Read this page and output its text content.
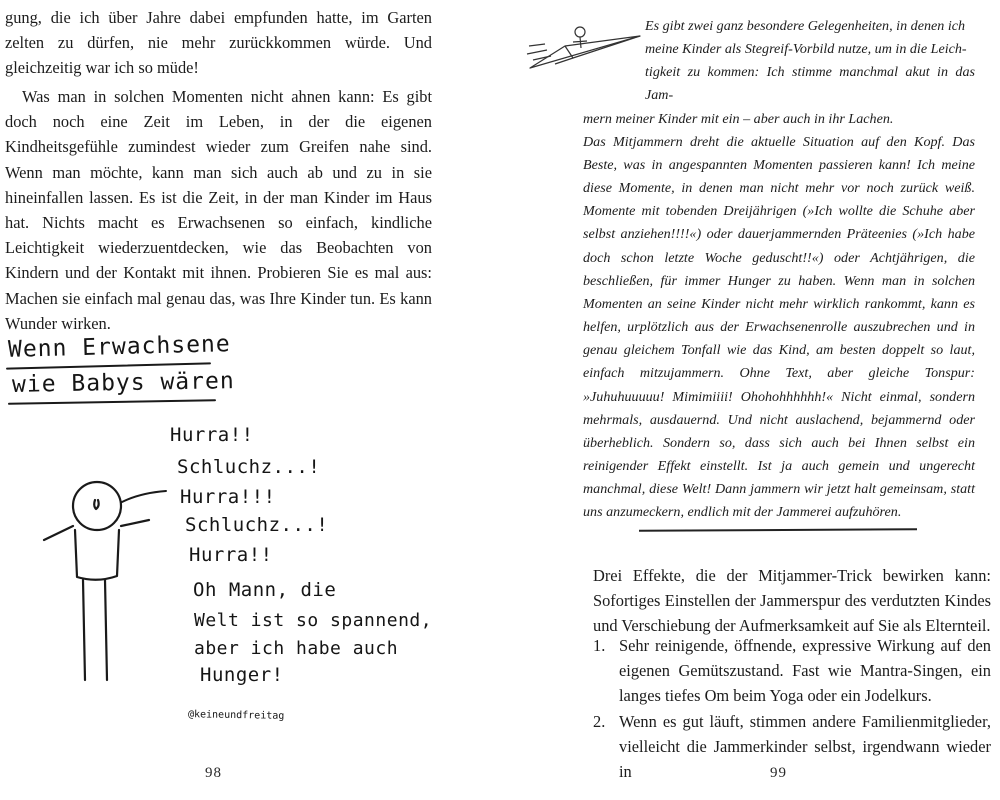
gung, die ich über Jahre dabei empfunden hatte, im Garten zelten zu dürfen, nie mehr zurückkommen würde. Und gleichzeitig war ich so müde!

Was man in solchen Momenten nicht ahnen kann: Es gibt doch noch eine Zeit im Leben, in der die eigenen Kindheitsgefühle zumindest wieder zum Greifen nahe sind. Wenn man möchte, kann man sich auch ab und zu in sie hineinfallen lassen. Es ist die Zeit, in der man Kinder im Haus hat. Nichts macht es Erwachsenen so einfach, kindliche Leichtigkeit wiederzuentdecken, wie das Beobachten von Kindern und der Kontakt mit ihnen. Probieren Sie es mal aus: Machen sie einfach mal genau das, was Ihre Kinder tun. Es kann Wunder wirken.

Wenn Erwachsene
wie Babys wären
Hurra!!
Schluchz...!
Hurra!!!
Schluchz...!
Hurra!!
Oh Mann, die
Welt ist so spannend,
aber ich habe auch
Hunger!
@keineundfreitag
98

Es gibt zwei ganz besondere Gelegenheiten, in denen ich
meine Kinder als Stegreif-Vorbild nutze, um in die Leich-
tigkeit zu kommen: Ich stimme manchmal akut in das Jam-
mern meiner Kinder mit ein – aber auch in ihr Lachen.
Das Mitjammern dreht die aktuelle Situation auf den Kopf. Das Beste, was in angespannten Momenten passieren kann! Ich meine diese Momente, in denen man nicht mehr vor noch zurück weiß. Momente mit tobenden Dreijährigen (»Ich wollte die Schuhe aber selbst anziehen!!!!«) oder dauerjammernden Präteenies (»Ich habe doch schon letzte Woche geduscht!!«) oder Achtjährigen, die beschließen, für immer Hunger zu haben. Wenn man in solchen Momenten an seine Kinder nicht mehr wirklich rankommt, kann es helfen, urplötzlich aus der Erwachsenenrolle auszubrechen und in genau gleichem Tonfall wie das Kind, am besten doppelt so laut, einfach mitzujammern. Ohne Text, aber gleiche Tonspur: »Juhuhuuuuu! Mimimiiii! Ohohohhhhhh!« Nicht einmal, sondern mehrmals, ausdauernd. Und nicht auslachend, bejammernd oder überheblich. Sondern so, dass sich auch bei Ihnen selbst ein reinigender Effekt einstellt. Ist ja auch gemein und ungerecht manchmal, diese Welt! Dann jammern wir jetzt halt gemeinsam, statt uns anzumeckern, endlich mit der Jammerei aufzuhören.

Drei Effekte, die der Mitjammer-Trick bewirken kann: Sofortiges Einstellen der Jammerspur des verdutzten Kindes und Verschiebung der Aufmerksamkeit auf Sie als Elternteil.

1. Sehr reinigende, öffnende, expressive Wirkung auf den eigenen Gemütszustand. Fast wie Mantra-Singen, ein langes tiefes Om beim Yoga oder ein Jodelkurs.
2. Wenn es gut läuft, stimmen andere Familienmitglieder, vielleicht die Jammerkinder selbst, irgendwann wieder in	99
